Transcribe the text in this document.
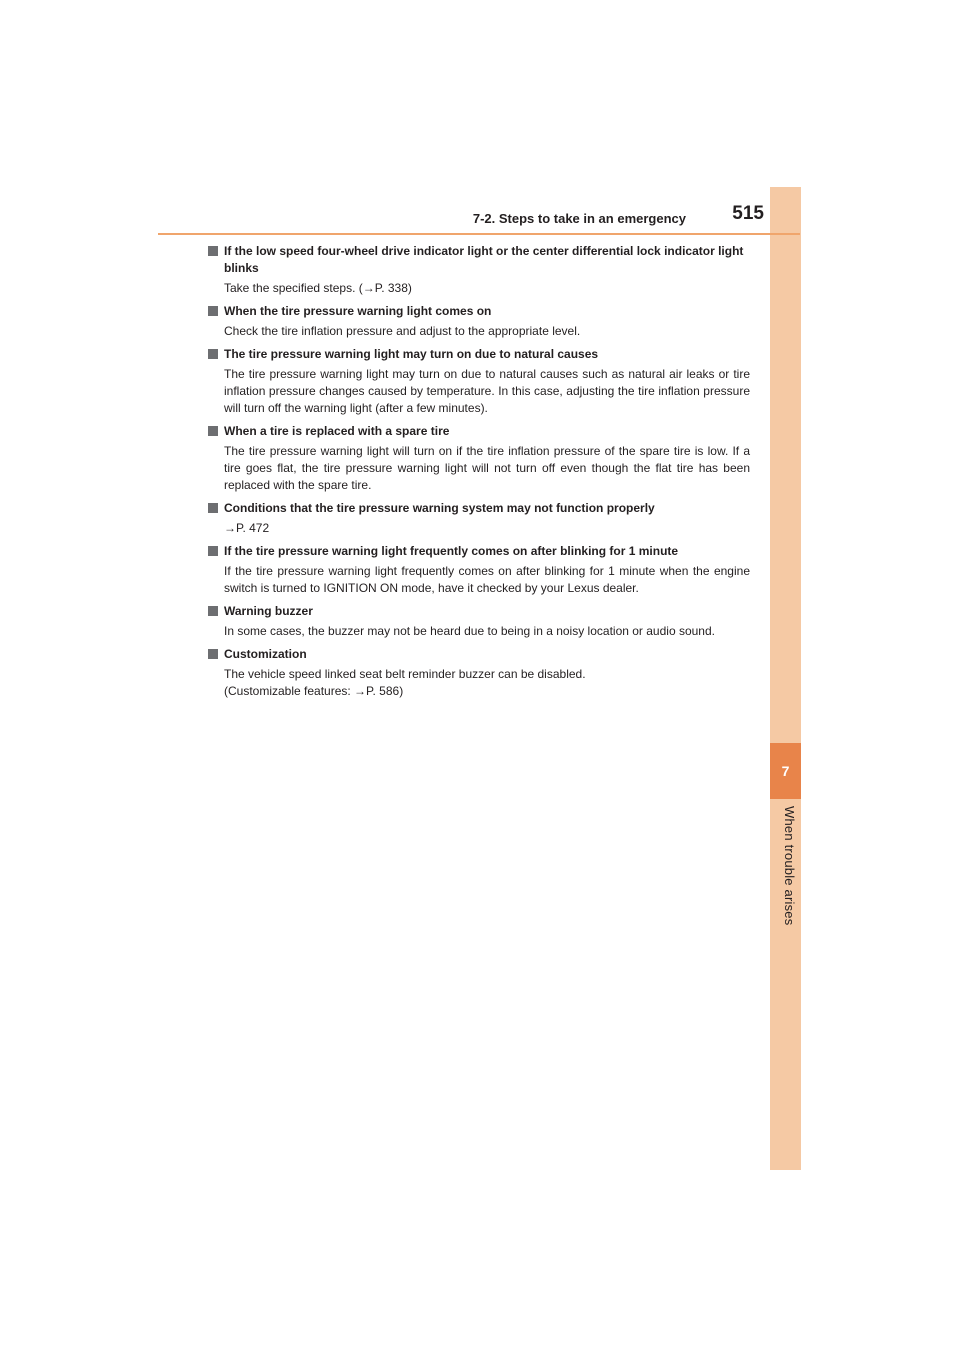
7
When trouble arises
7-2. Steps to take in an emergency	515
If the low speed four-wheel drive indicator light or the center differential lock indicator light blinks
Take the specified steps. (→P. 338)
When the tire pressure warning light comes on
Check the tire inflation pressure and adjust to the appropriate level.
The tire pressure warning light may turn on due to natural causes
The tire pressure warning light may turn on due to natural causes such as natural air leaks or tire inflation pressure changes caused by temperature. In this case, adjusting the tire inflation pressure will turn off the warning light (after a few minutes).
When a tire is replaced with a spare tire
The tire pressure warning light will turn on if the tire inflation pressure of the spare tire is low. If a tire goes flat, the tire pressure warning light will not turn off even though the flat tire has been replaced with the spare tire.
Conditions that the tire pressure warning system may not function properly
→P. 472
If the tire pressure warning light frequently comes on after blinking for 1 minute
If the tire pressure warning light frequently comes on after blinking for 1 minute when the engine switch is turned to IGNITION ON mode, have it checked by your Lexus dealer.
Warning buzzer
In some cases, the buzzer may not be heard due to being in a noisy location or audio sound.
Customization
The vehicle speed linked seat belt reminder buzzer can be disabled.
(Customizable features: →P. 586)
